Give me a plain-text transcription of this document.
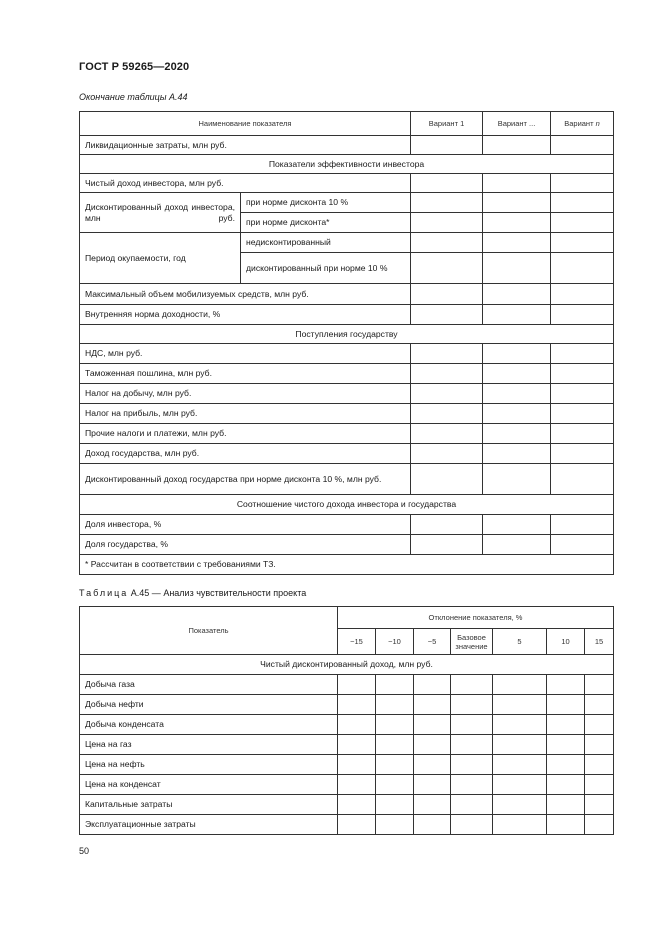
ГОСТ Р 59265—2020
Окончание таблицы А.44
Наименование показателя		Вариант 1	Вариант ...	Вариант n
Ликвидационные затраты, млн руб.				
Показатели эффективности инвестора				
Чистый доход инвестора, млн руб.				
Дисконтированный доход инвестора, млн руб.	при норме дисконта 10 %			
	при норме дисконта*			
Период окупаемости, год	недисконтированный			
	дисконтированный при норме 10 %			
Максимальный объем мобилизуемых средств, млн руб.				
Внутренняя норма доходности, %				
Поступления государству				
НДС, млн руб.				
Таможенная пошлина, млн руб.				
Налог на добычу, млн руб.				
Налог на прибыль, млн руб.				
Прочие налоги и платежи, млн руб.				
Доход государства, млн руб.				
Дисконтированный доход государства при норме дисконта 10 %, млн руб.				
Соотношение чистого дохода инвестора и государства				
Доля инвестора, %				
Доля государства, %				
* Рассчитан в соответствии с требованиями ТЗ.				
Таблица А.45 — Анализ чувствительности проекта
Показатель	Отклонение показателя, %						
	−15	−10	−5	Базовое значение	5	10	15
Чистый дисконтированный доход, млн руб.							
Добыча газа							
Добыча нефти							
Добыча конденсата							
Цена на газ							
Цена на нефть							
Цена на конденсат							
Капитальные затраты							
Эксплуатационные затраты							
50
